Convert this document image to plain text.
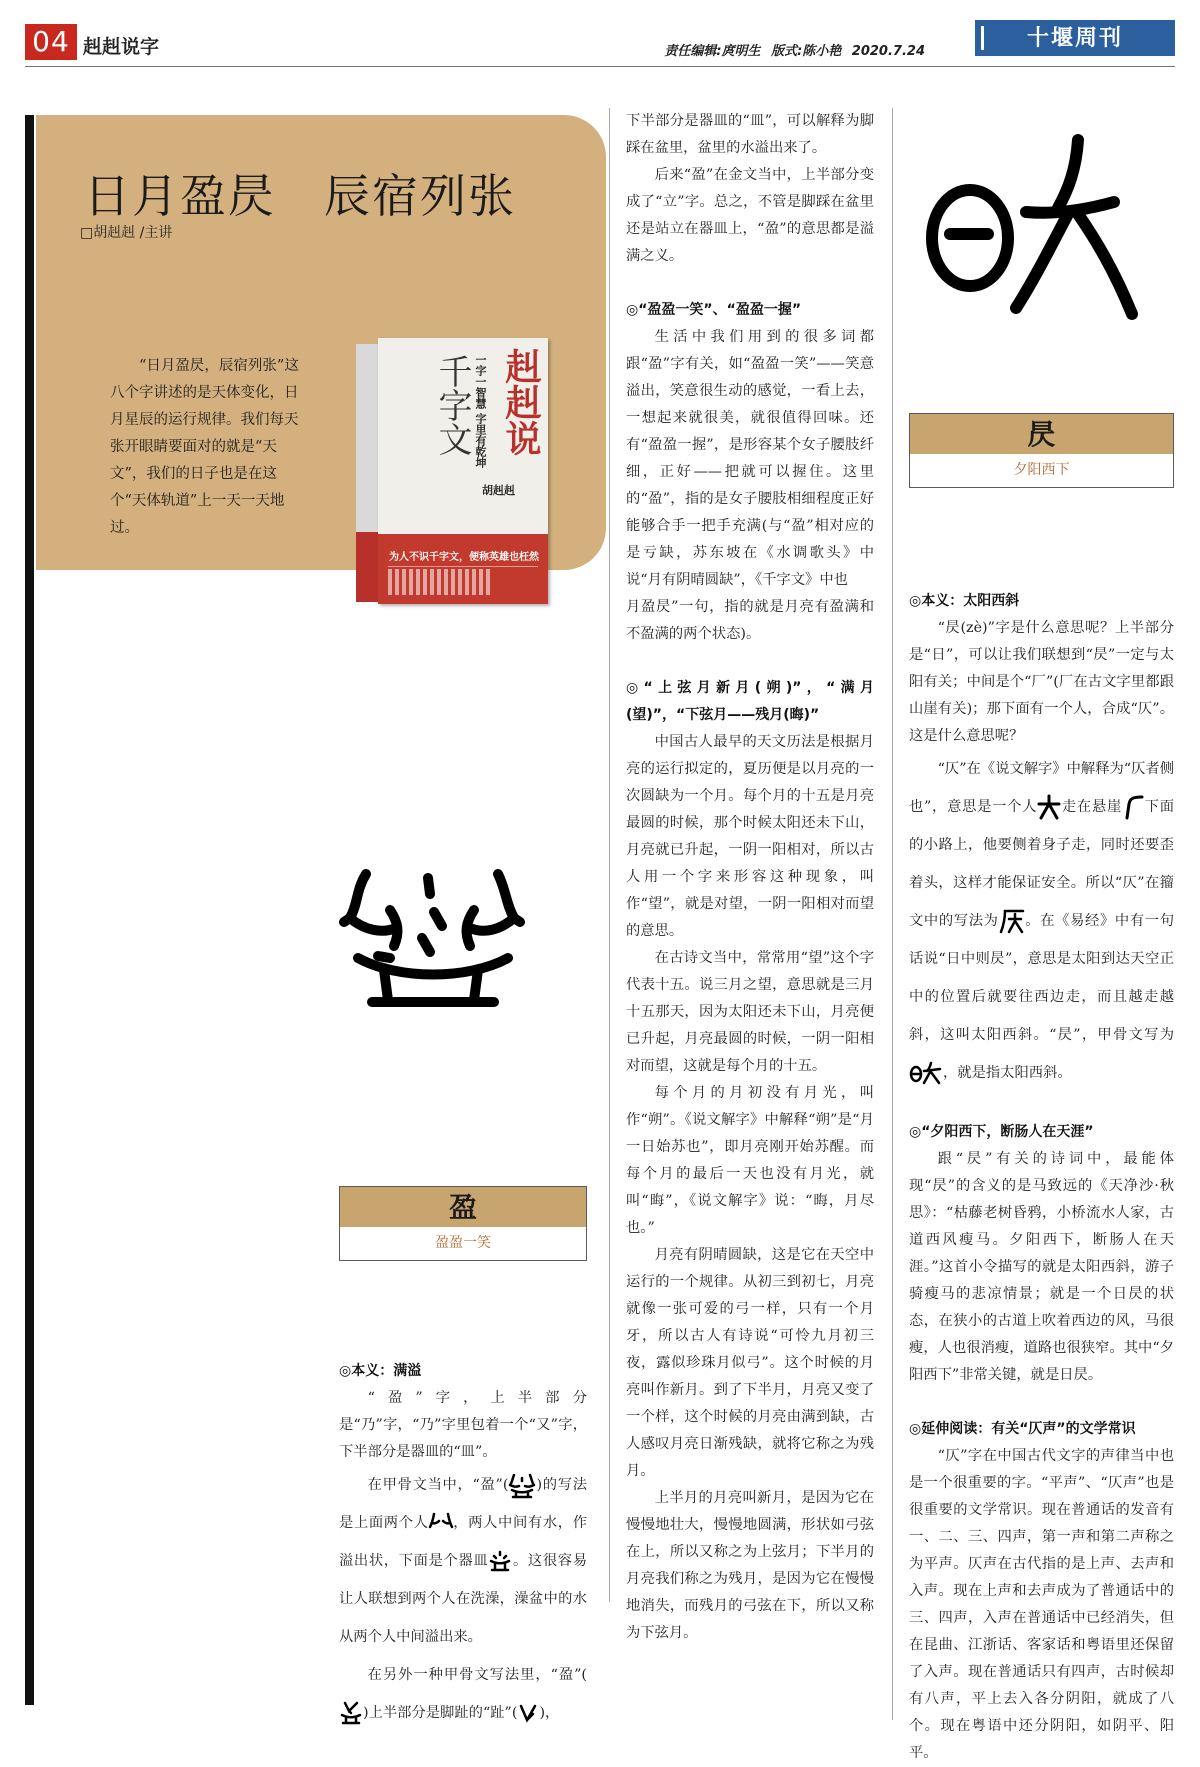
04 赳赳说字	责任编辑:庹明生 版式:陈小艳 2020.7.24
十堰周刊
日月盈昃　辰宿列张
□胡赳赳 /主讲
“日月盈昃，辰宿列张”这八个字讲述的是天体变化，日月星辰的运行规律。我们每天张开眼睛要面对的就是“天文”，我们的日子也是在这个“天体轨道”上一天一天地过。
赳赳说
千字文 一字一智慧 字里有乾坤
胡赳赳
为人不识千字文，便称英雄也枉然
盈
盈盈一笑
◎本义：满溢

“盈”字，上半部分是“乃”字，“乃”字里包着一个“又”字，下半部分是器皿的“皿”。

在甲骨文当中，“盈”( )的写法是上面两个人 ，两人中间有水，作溢出状，下面是个器皿 。这很容易让人联想到两个人在洗澡，澡盆中的水从两个人中间溢出来。

在另外一种甲骨文写法里，“盈”()上半部分是脚趾的“趾”( )，

下半部分是器皿的“皿”，可以解释为脚踩在盆里，盆里的水溢出来了。

后来“盈”在金文当中，上半部分变成了“立”字。总之，不管是脚踩在盆里还是站立在器皿上，“盈”的意思都是溢满之义。

◎“盈盈一笑”、“盈盈一握”

生活中我们用到的很多词都跟“盈”字有关，如“盈盈一笑”——笑意溢出，笑意很生动的感觉，一看上去，一想起来就很美，就很值得回味。还有“盈盈一握”，是形容某个女子腰肢纤细，正好——把就可以握住。这里的“盈”，指的是女子腰肢相细程度正好能够合手一把手充满(与“盈”相对应的是亏缺，苏东坡在《水调歌头》中说“月有阴晴圆缺”，《千字文》中也

月盈昃”一句，指的就是月亮有盈满和不盈满的两个状态)。

◎“上弦月新月(朔)”，“满月(望)”，“下弦月——残月(晦)”

中国古人最早的天文历法是根据月亮的运行拟定的，夏历便是以月亮的一次圆缺为一个月。每个月的十五是月亮最圆的时候，那个时候太阳还未下山，月亮就已升起，一阴一阳相对，所以古人用一个字来形容这种现象，叫作“望”，就是对望，一阴一阳相对而望的意思。

在古诗文当中，常常用“望”这个字代表十五。说三月之望，意思就是三月十五那天，因为太阳还未下山，月亮便已升起，月亮最圆的时候，一阴一阳相对而望，这就是每个月的十五。

每个月的月初没有月光，叫作“朔”。《说文解字》中解释“朔”是“月一日始苏也”，即月亮刚开始苏醒。而每个月的最后一天也没有月光，就叫“晦”，《说文解字》说：“晦，月尽也。”

月亮有阴晴圆缺，这是它在天空中运行的一个规律。从初三到初七，月亮就像一张可爱的弓一样，只有一个月牙，所以古人有诗说“可怜九月初三夜，露似珍珠月似弓”。这个时候的月亮叫作新月。到了下半月，月亮又变了一个样，这个时候的月亮由满到缺，古人感叹月亮日渐残缺，就将它称之为残月。

上半月的月亮叫新月，是因为它在慢慢地壮大，慢慢地圆满，形状如弓弦在上，所以又称之为上弦月；下半月的月亮我们称之为残月，是因为它在慢慢地消失，而残月的弓弦在下，所以又称为下弦月。

昃
夕阳西下
◎本义：太阳西斜

“昃(zè)”字是什么意思呢？上半部分是“日”，可以让我们联想到“昃”一定与太阳有关；中间是个“厂”(厂在古文字里都跟山崖有关)；那下面有一个人，合成“仄”。这是什么意思呢？

“仄”在《说文解字》中解释为“仄者侧也”，意思是一个人 走在悬崖 下面的小路上，他要侧着身子走，同时还要歪着头，这样才能保证安全。所以“仄”在籀文中的写法为 。在《易经》中有一句话说“日中则昃”，意思是太阳到达天空正中的位置后就要往西边走，而且越走越斜，这叫太阳西斜。“昃”，甲骨文写为，就是指太阳西斜。

◎“夕阳西下，断肠人在天涯”

跟“昃”有关的诗词中，最能体现“昃”的含义的是马致远的《天净沙·秋思》：“枯藤老树昏鸦，小桥流水人家，古道西风瘦马。夕阳西下，断肠人在天涯。”这首小令描写的就是太阳西斜，游子骑瘦马的悲凉情景；就是一个日昃的状态，在狭小的古道上吹着西边的风，马很瘦，人也很消瘦，道路也很狭窄。其中“夕阳西下”非常关键，就是日昃。

◎延伸阅读：有关“仄声”的文学常识

“仄”字在中国古代文字的声律当中也是一个很重要的字。“平声”、“仄声”也是很重要的文学常识。现在普通话的发音有一、二、三、四声，第一声和第二声称之为平声。仄声在古代指的是上声、去声和入声。现在上声和去声成为了普通话中的三、四声，入声在普通话中已经消失，但在昆曲、江浙话、客家话和粤语里还保留了入声。现在普通话只有四声，古时候却有八声，平上去入各分阴阳，就成了八个。现在粤语中还分阴阳，如阴平、阳平。
